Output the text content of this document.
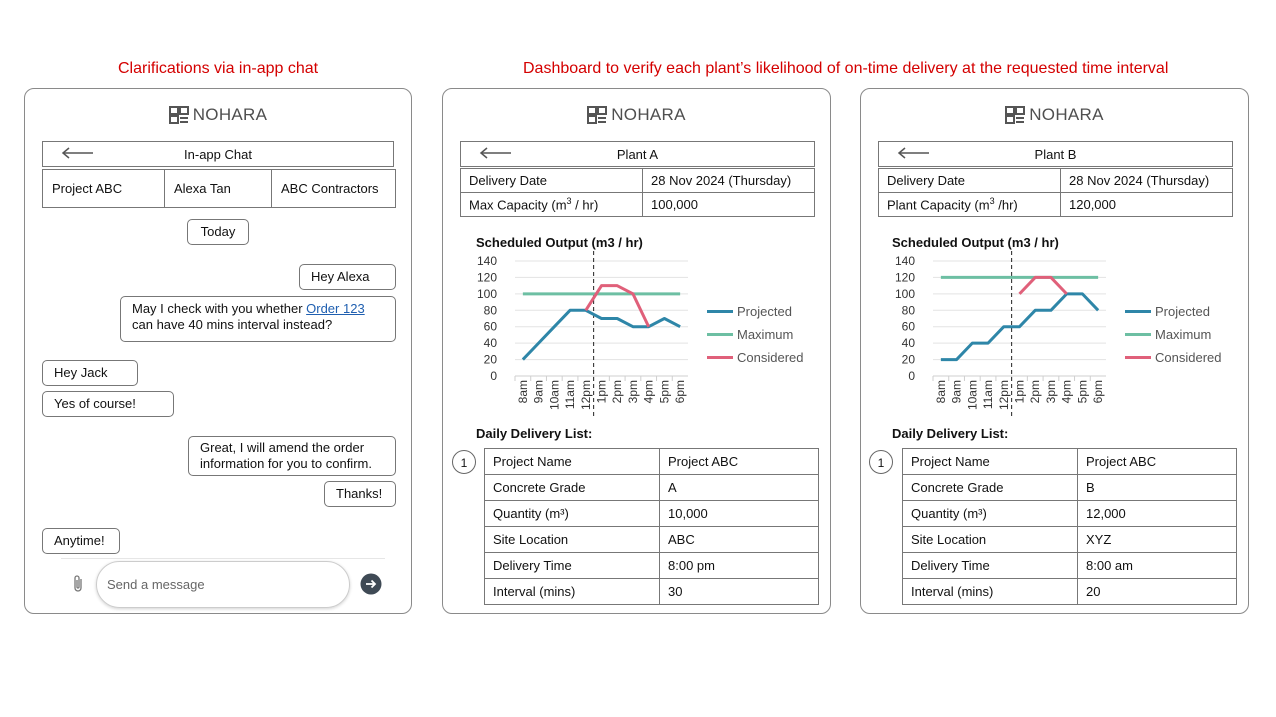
Clarifications via in-app chat	Dashboard to verify each plant’s likelihood of on-time delivery at the requested time interval
NOHARA
In-app Chat
Project ABC	Alexa Tan	ABC Contractors
Today
Hey Alexa
May I check with you whether Order 123
can have 40 mins interval instead?
Hey Jack
Yes of course!
Great, I will amend the order
information for you to confirm.
Thanks!
Anytime!
Send a message
NOHARA
Plant A
Delivery Date	28 Nov 2024 (Thursday)
Max Capacity $(m^3 / hr)$	100,000
Scheduled Output (m3 / hr)
0
20
40
60
80
100
120
140
8am 9am 10am 11am 12pm 1pm 2pm 3pm 4pm 5pm 6pm
Projected
Maximum
Considered
Daily Delivery List:
1	Project Name	Project ABC
Concrete Grade	A
Quantity (m³)	10,000
Site Location	ABC
Delivery Time	8:00 pm
Interval (mins)	30
NOHARA
Plant B
Delivery Date	28 Nov 2024 (Thursday)
Plant Capacity ($m^3$ /hr)	120,000
Scheduled Output (m3 / hr)
0
20
40
60
80
100
120
140
8am 9am 10am 11am 12pm 1pm 2pm 3pm 4pm 5pm 6pm
Projected
Maximum
Considered
Daily Delivery List:
1	Project Name	Project ABC
Concrete Grade	B
Quantity (m³)	12,000
Site Location	XYZ
Delivery Time	8:00 am
Interval (mins)	20
